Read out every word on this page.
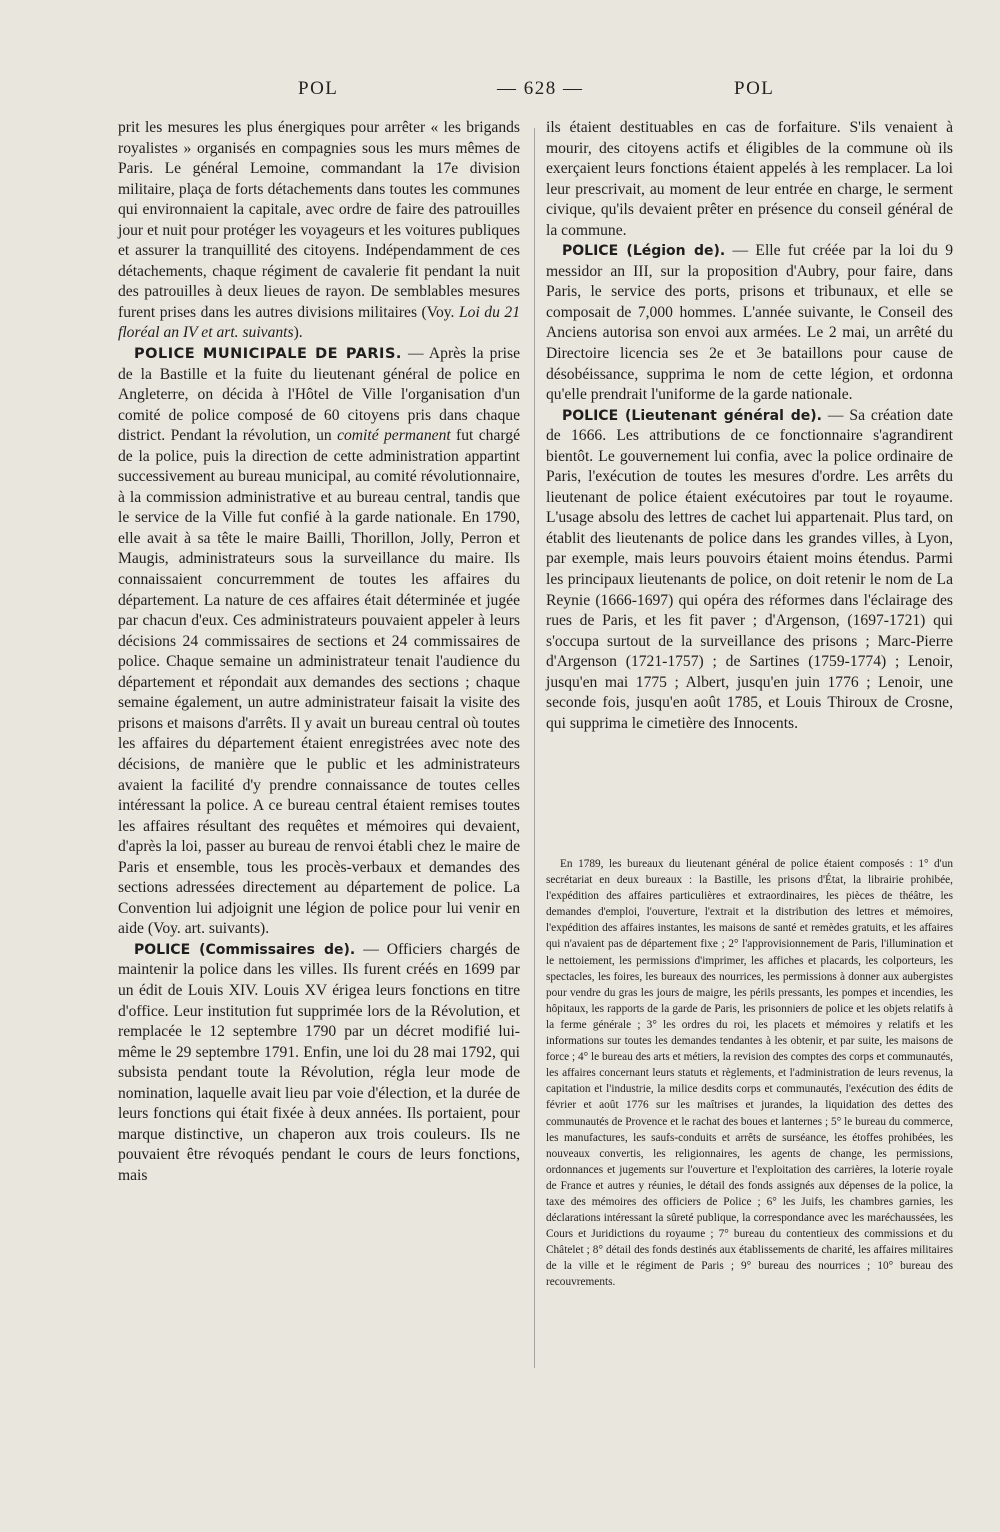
POL	— 628 —	POL

prit les mesures les plus énergiques pour arrêter « les brigands royalistes » organisés en compagnies sous les murs mêmes de Paris. Le général Lemoine, commandant la 17e division militaire, plaça de forts détachements dans toutes les communes qui environnaient la capitale, avec ordre de faire des patrouilles jour et nuit pour protéger les voyageurs et les voitures publiques et assurer la tranquillité des citoyens. Indépendamment de ces détachements, chaque régiment de cavalerie fit pendant la nuit des patrouilles à deux lieues de rayon. De semblables mesures furent prises dans les autres divisions militaires (Voy. Loi du 21 floréal an IV et art. suivants).

POLICE MUNICIPALE DE PARIS. — Après la prise de la Bastille et la fuite du lieutenant général de police en Angleterre, on décida à l'Hôtel de Ville l'organisation d'un comité de police composé de 60 citoyens pris dans chaque district. Pendant la révolution, un comité permanent fut chargé de la police, puis la direction de cette administration appartint successivement au bureau municipal, au comité révolutionnaire, à la commission administrative et au bureau central, tandis que le service de la Ville fut confié à la garde nationale. En 1790, elle avait à sa tête le maire Bailli, Thorillon, Jolly, Perron et Maugis, administrateurs sous la surveillance du maire. Ils connaissaient concurremment de toutes les affaires du département. La nature de ces affaires était déterminée et jugée par chacun d'eux. Ces administrateurs pouvaient appeler à leurs décisions 24 commissaires de sections et 24 commissaires de police. Chaque semaine un administrateur tenait l'audience du département et répondait aux demandes des sections ; chaque semaine également, un autre administrateur faisait la visite des prisons et maisons d'arrêts. Il y avait un bureau central où toutes les affaires du département étaient enregistrées avec note des décisions, de manière que le public et les administrateurs avaient la facilité d'y prendre connaissance de toutes celles intéressant la police. A ce bureau central étaient remises toutes les affaires résultant des requêtes et mémoires qui devaient, d'après la loi, passer au bureau de renvoi établi chez le maire de Paris et ensemble, tous les procès-verbaux et demandes des sections adressées directement au département de police. La Convention lui adjoignit une légion de police pour lui venir en aide (Voy. art. suivants).

POLICE (Commissaires de). — Officiers chargés de maintenir la police dans les villes. Ils furent créés en 1699 par un édit de Louis XIV. Louis XV érigea leurs fonctions en titre d'office. Leur institution fut supprimée lors de la Révolution, et remplacée le 12 septembre 1790 par un décret modifié lui-même le 29 septembre 1791. Enfin, une loi du 28 mai 1792, qui subsista pendant toute la Révolution, régla leur mode de nomination, laquelle avait lieu par voie d'élection, et la durée de leurs fonctions qui était fixée à deux années. Ils portaient, pour marque distinctive, un chaperon aux trois couleurs. Ils ne pouvaient être révoqués pendant le cours de leurs fonctions, mais

ils étaient destituables en cas de forfaiture. S'ils venaient à mourir, des citoyens actifs et éligibles de la commune où ils exerçaient leurs fonctions étaient appelés à les remplacer. La loi leur prescrivait, au moment de leur entrée en charge, le serment civique, qu'ils devaient prêter en présence du conseil général de la commune.

POLICE (Légion de). — Elle fut créée par la loi du 9 messidor an III, sur la proposition d'Aubry, pour faire, dans Paris, le service des ports, prisons et tribunaux, et elle se composait de 7,000 hommes. L'année suivante, le Conseil des Anciens autorisa son envoi aux armées. Le 2 mai, un arrêté du Directoire licencia ses 2e et 3e bataillons pour cause de désobéissance, supprima le nom de cette légion, et ordonna qu'elle prendrait l'uniforme de la garde nationale.

POLICE (Lieutenant général de). — Sa création date de 1666. Les attributions de ce fonctionnaire s'agrandirent bientôt. Le gouvernement lui confia, avec la police ordinaire de Paris, l'exécution de toutes les mesures d'ordre. Les arrêts du lieutenant de police étaient exécutoires par tout le royaume. L'usage absolu des lettres de cachet lui appartenait. Plus tard, on établit des lieutenants de police dans les grandes villes, à Lyon, par exemple, mais leurs pouvoirs étaient moins étendus. Parmi les principaux lieutenants de police, on doit retenir le nom de La Reynie (1666-1697) qui opéra des réformes dans l'éclairage des rues de Paris, et les fit paver ; d'Argenson, (1697-1721) qui s'occupa surtout de la surveillance des prisons ; Marc-Pierre d'Argenson (1721-1757) ; de Sartines (1759-1774) ; Lenoir, jusqu'en mai 1775 ; Albert, jusqu'en juin 1776 ; Lenoir, une seconde fois, jusqu'en août 1785, et Louis Thiroux de Crosne, qui supprima le cimetière des Innocents.

En 1789, les bureaux du lieutenant général de police étaient composés : 1° d'un secrétariat en deux bureaux : la Bastille, les prisons d'État, la librairie prohibée, l'expédition des affaires particulières et extraordinaires, les pièces de théâtre, les demandes d'emploi, l'ouverture, l'extrait et la distribution des lettres et mémoires, l'expédition des affaires instantes, les maisons de santé et remèdes gratuits, et les affaires qui n'avaient pas de département fixe ; 2° l'approvisionnement de Paris, l'illumination et le nettoiement, les permissions d'imprimer, les affiches et placards, les colporteurs, les spectacles, les foires, les bureaux des nourrices, les permissions à donner aux aubergistes pour vendre du gras les jours de maigre, les périls pressants, les pompes et incendies, les hôpitaux, les rapports de la garde de Paris, les prisonniers de police et les objets relatifs à la ferme générale ; 3° les ordres du roi, les placets et mémoires y relatifs et les informations sur toutes les demandes tendantes à les obtenir, et par suite, les maisons de force ; 4° le bureau des arts et métiers, la revision des comptes des corps et communautés, les affaires concernant leurs statuts et règlements, et l'administration de leurs revenus, la capitation et l'industrie, la milice desdits corps et communautés, l'exécution des édits de février et août 1776 sur les maîtrises et jurandes, la liquidation des dettes des communautés de Provence et le rachat des boues et lanternes ; 5° le bureau du commerce, les manufactures, les saufs-conduits et arrêts de surséance, les étoffes prohibées, les nouveaux convertis, les religionnaires, les agents de change, les permissions, ordonnances et jugements sur l'ouverture et l'exploitation des carrières, la loterie royale de France et autres y réunies, le détail des fonds assignés aux dépenses de la police, la taxe des mémoires des officiers de Police ; 6° les Juifs, les chambres garnies, les déclarations intéressant la sûreté publique, la correspondance avec les maréchaussées, les Cours et Juridictions du royaume ; 7° bureau du contentieux des commissions et du Châtelet ; 8° détail des fonds destinés aux établissements de charité, les affaires militaires de la ville et le régiment de Paris ; 9° bureau des nourrices ; 10° bureau des recouvrements.
